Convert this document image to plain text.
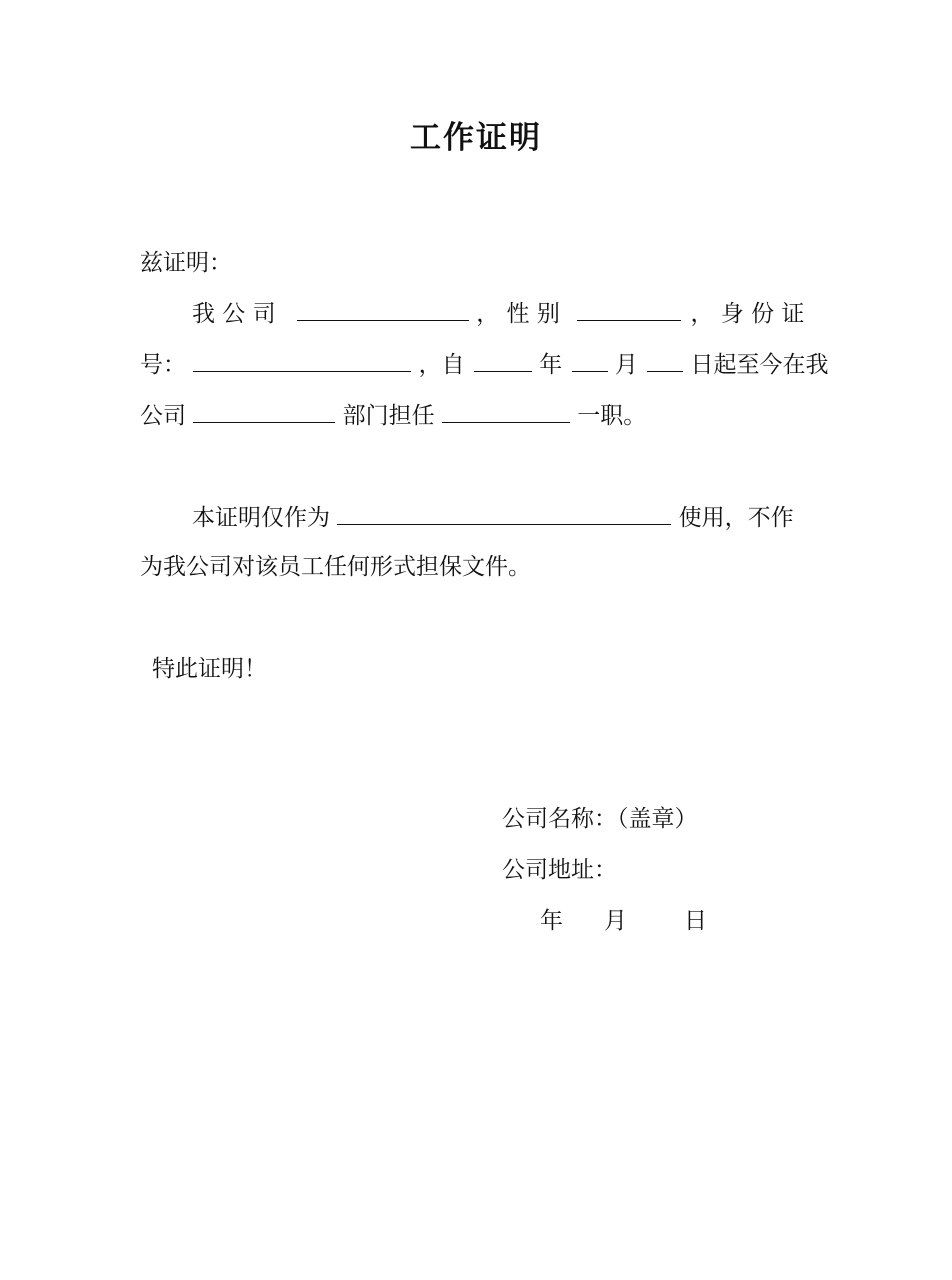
工作证明
兹证明：
我 公 司	， 性 别	， 身 份 证
号：	，自	年 月 日起至今在我
公司	部门担任	一职。
本证明仅作为	使用，不作
为我公司对该员工任何形式担保文件。
特此证明！
公司名称：（盖章）
公司地址：
年 月 日
